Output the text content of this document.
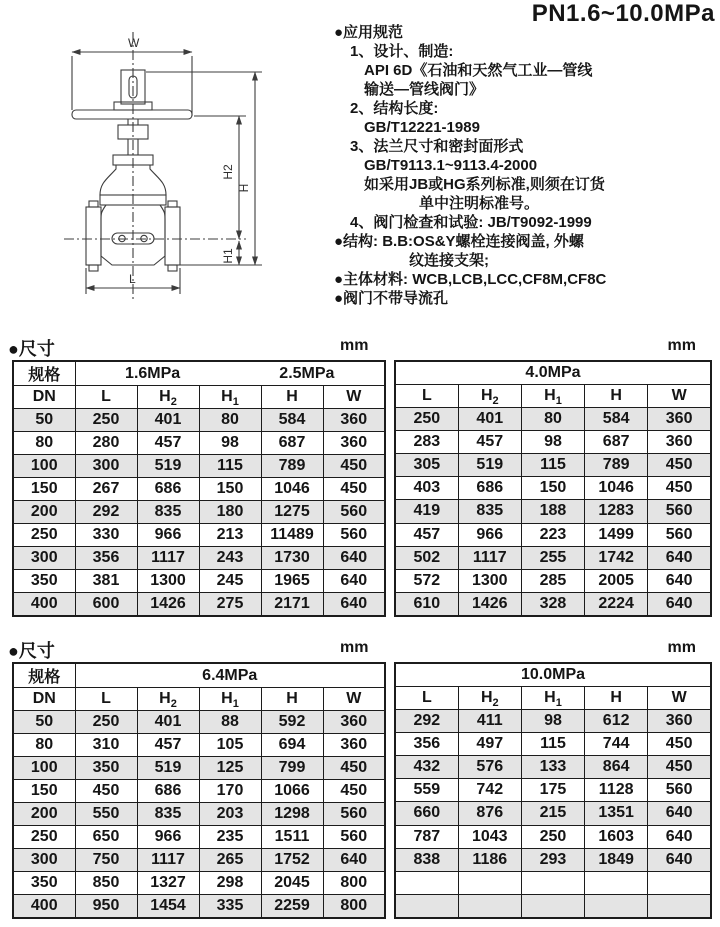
PN1.6~10.0MPa
W
H
H2
H1
L
●应用规范
1、设计、制造:
API 6D《石油和天然气工业—管线
输送—管线阀门》
2、结构长度:
GB/T12221-1989
3、法兰尺寸和密封面形式
GB/T9113.1~9113.4-2000
如采用JB或HG系列标准,则须在订货
单中注明标准号。
4、阀门检查和试验: JB/T9092-1999
●结构: B.B:OS&Y螺栓连接阀盖, 外螺
纹连接支架;
●主体材料: WCB,LCB,LCC,CF8M,CF8C
●阀门不带导流孔
●尺寸	mm	mm
规格	1.6MPa 2.5MPa				

DN	L	$H_2$	$H_1$	H	W
50	250	401	80	584	360
80	280	457	98	687	360
100	300	519	115	789	450
150	267	686	150	1046	450
200	292	835	180	1275	560
250	330	966	213	11489	560
300	356	1117	243	1730	640
350	381	1300	245	1965	640
400	600	1426	275	2171	640
4.0MPa				

L	$H_2$	$H_1$	H	W
250	401	80	584	360
283	457	98	687	360
305	519	115	789	450
403	686	150	1046	450
419	835	188	1283	560
457	966	223	1499	560
502	1117	255	1742	640
572	1300	285	2005	640
610	1426	328	2224	640
●尺寸	mm	mm
规格	6.4MPa				

DN	L	$H_2$	$H_1$	H	W
50	250	401	88	592	360
80	310	457	105	694	360
100	350	519	125	799	450
150	450	686	170	1066	450
200	550	835	203	1298	560
250	650	966	235	1511	560
300	750	1117	265	1752	640
350	850	1327	298	2045	800
400	950	1454	335	2259	800
10.0MPa				

L	$H_2$	$H_1$	H	W
292	411	98	612	360
356	497	115	744	450
432	576	133	864	450
559	742	175	1128	560
660	876	215	1351	640
787	1043	250	1603	640
838	1186	293	1849	640
